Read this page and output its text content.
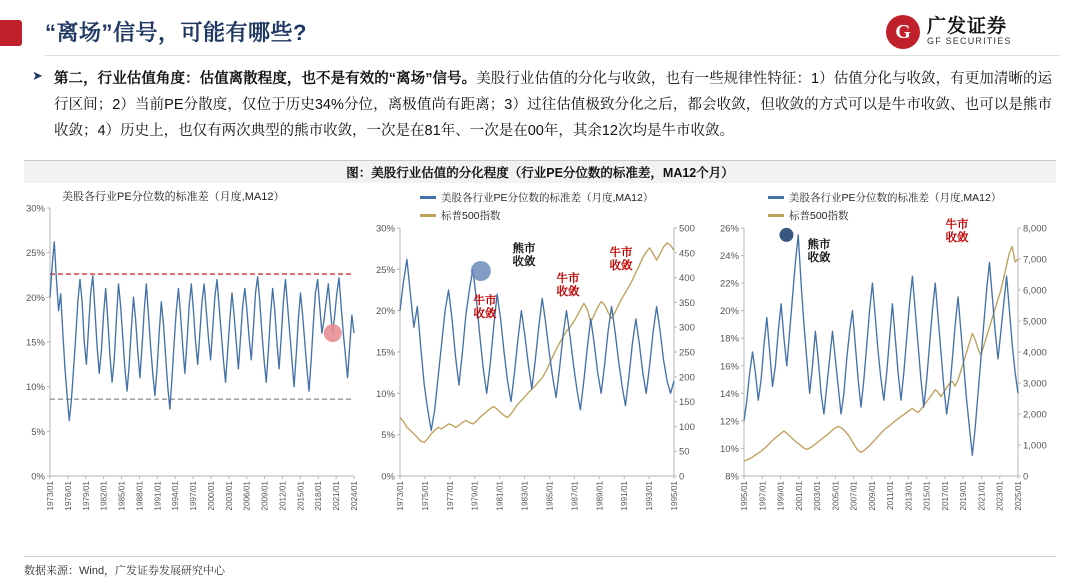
“离场”信号，可能有哪些?	G 广发证券
GF SECURITIES
➤ 第二，行业估值角度：估值离散程度，也不是有效的“离场”信号。美股行业估值的分化与收敛，也有一些规律性特征：1）估值分化与收敛，有更加清晰的运行区间；2）当前PE分散度，仅位于历史34%分位，离极值尚有距离；3）过往估值极致分化之后，都会收敛，但收敛的方式可以是牛市收敛、也可以是熊市收敛；4）历史上，也仅有两次典型的熊市收敛，一次是在81年、一次是在00年，其余12次均是牛市收敛。
图：美股行业估值的分化程度（行业PE分位数的标准差，MA12个月）
美股各行业PE分位数的标准差（月度,MA12）
0%
5%
10%
15%
20%
25%
30%
1973/01 1976/01 1979/01 1982/01 1985/01 1988/01 1991/01 1994/01 1997/01 2000/01 2003/01 2006/01 2009/01 2012/01 2015/01 2018/01 2021/01 2024/01
美股各行业PE分位数的标准差（月度,MA12）
标普500指数
0%
5%
10%
15%
20%
25%
30%
0
50
100
150
200
250
300
350
400
450
500
1973/01 1975/01 1977/01 1979/01 1981/01 1983/01 1985/01 1987/01 1989/01 1991/01 1993/01 1995/01
牛市
收敛
熊市
收敛
牛市
收敛
牛市
收敛
美股各行业PE分位数的标准差（月度,MA12）
标普500指数
8%
10%
12%
14%
16%
18%
20%
22%
24%
26%
0
1,000
2,000
3,000
4,000
5,000
6,000
7,000
8,000
1995/01 1997/01 1999/01 2001/01 2003/01 2005/01 2007/01 2009/01 2011/01 2013/01 2015/01 2017/01 2019/01 2021/01 2023/01 2025/01
熊市
收敛
牛市
收敛
数据来源：Wind，广发证券发展研究中心
